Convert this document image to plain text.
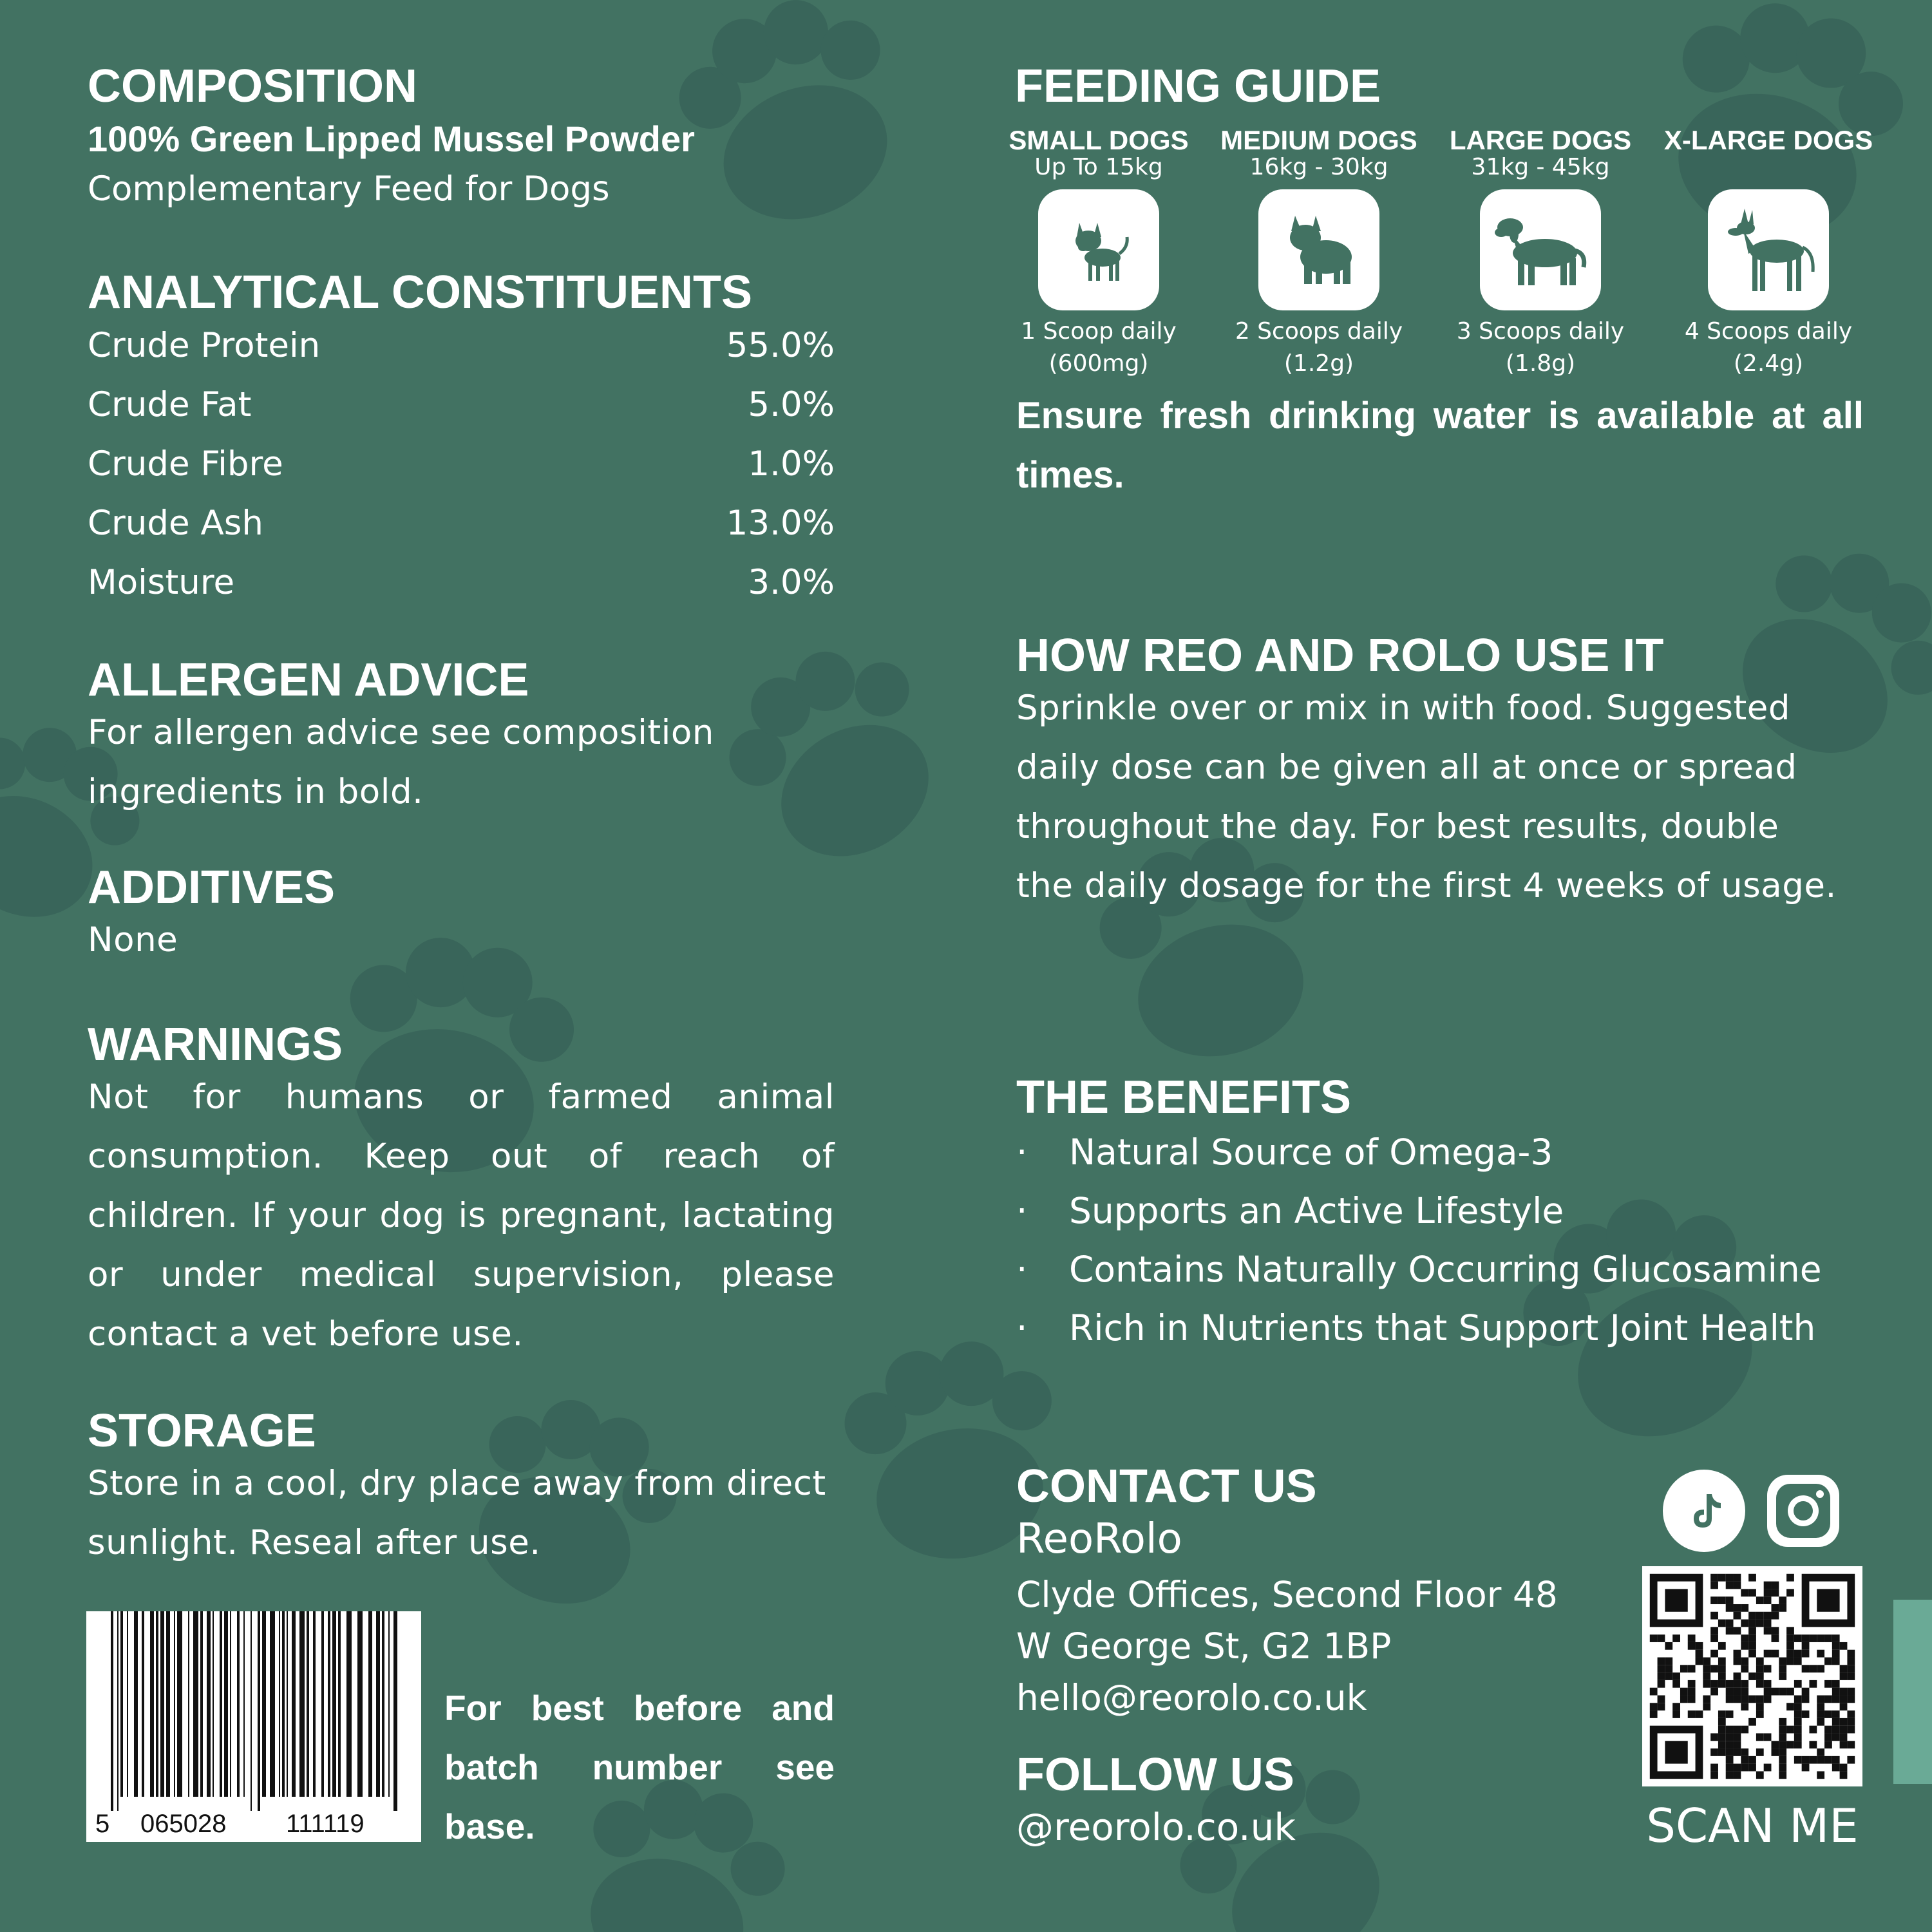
COMPOSITION
100% Green Lipped Mussel Powder
Complementary Feed for Dogs
ANALYTICAL CONSTITUENTS
Crude Protein	55.0%
Crude Fat	5.0%
Crude Fibre	1.0%
Crude Ash	13.0%
Moisture	3.0%
ALLERGEN ADVICE
For allergen advice see composition
ingredients in bold.
ADDITIVES
None
WARNINGS
Not for humans or farmed animal
consumption. Keep out of reach of
children. If your dog is pregnant, lactating
or under medical supervision, please
contact a vet before use.
STORAGE
Store in a cool, dry place away from direct
sunlight. Reseal after use.
5 065028 111119
For best before and
batch number see
base.
FEEDING GUIDE
SMALL DOGS
Up To 15kg
1 Scoop daily
(600mg)
MEDIUM DOGS
16kg - 30kg
2 Scoops daily
(1.2g)
LARGE DOGS
31kg - 45kg
3 Scoops daily
(1.8g)
X-LARGE DOGS
4 Scoops daily
(2.4g)
Ensure fresh drinking water is available at all
times.
HOW REO AND ROLO USE IT
Sprinkle over or mix in with food. Suggested
daily dose can be given all at once or spread
throughout the day. For best results, double
the daily dosage for the first 4 weeks of usage.
THE BENEFITS
· Natural Source of Omega-3
· Supports an Active Lifestyle
· Contains Naturally Occurring Glucosamine
· Rich in Nutrients that Support Joint Health
CONTACT US
ReoRolo
Clyde Offices, Second Floor 48
W George St, G2 1BP
hello@reorolo.co.uk
FOLLOW US
@reorolo.co.uk	SCAN ME
